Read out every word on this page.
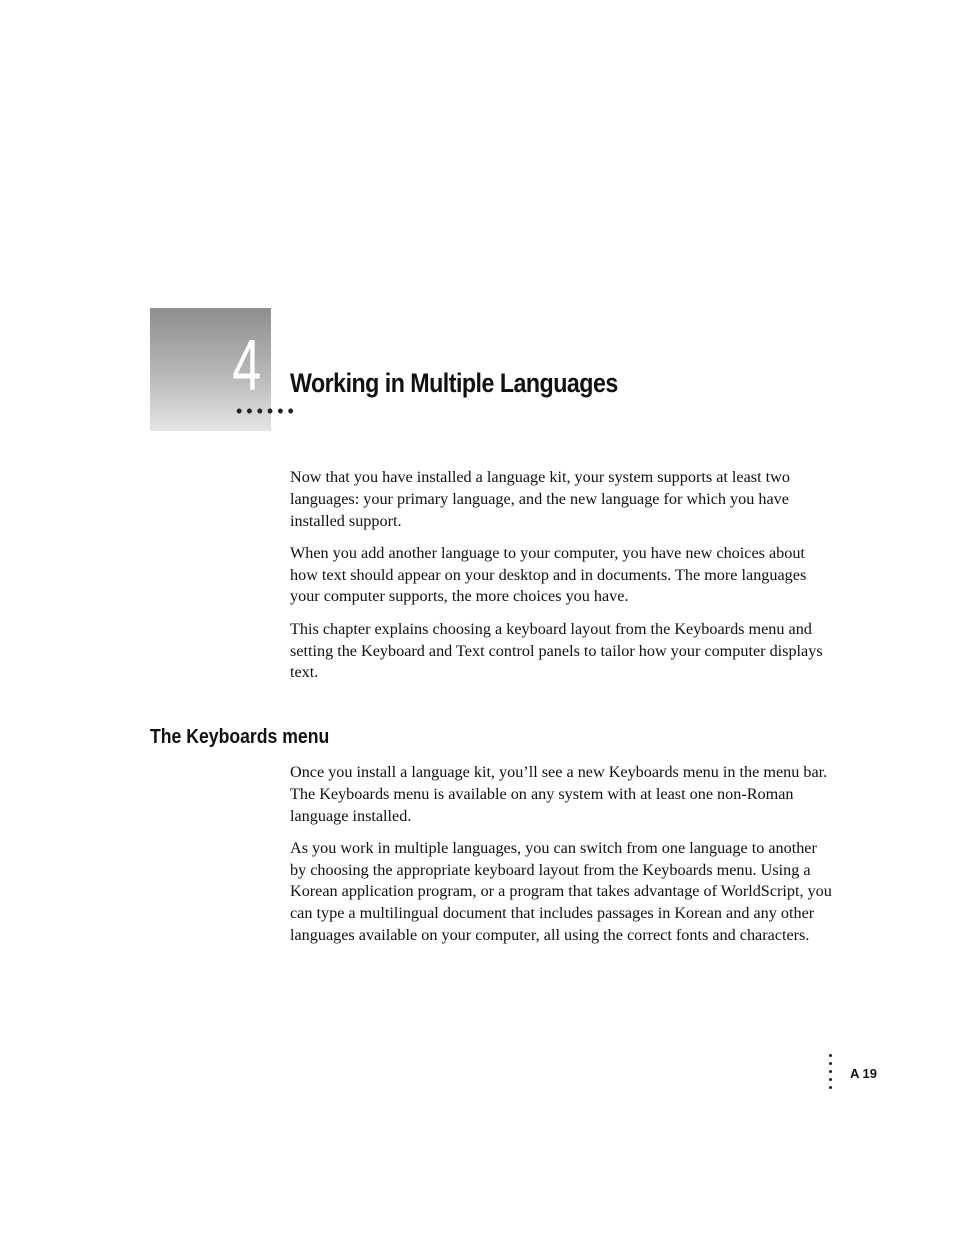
4
••••••
Working in Multiple Languages

Now that you have installed a language kit, your system supports at least two languages: your primary language, and the new language for which you have installed support.

When you add another language to your computer, you have new choices about how text should appear on your desktop and in documents. The more languages your computer supports, the more choices you have.

This chapter explains choosing a keyboard layout from the Keyboards menu and setting the Keyboard and Text control panels to tailor how your computer displays text.

The Keyboards menu

Once you install a language kit, you’ll see a new Keyboards menu in the menu bar. The Keyboards menu is available on any system with at least one non-Roman language installed.

As you work in multiple languages, you can switch from one language to another by choosing the appropriate keyboard layout from the Keyboards menu. Using a Korean application program, or a program that takes advantage of WorldScript, you can type a multilingual document that includes passages in Korean and any other languages available on your computer, all using the correct fonts and characters.

A 19
